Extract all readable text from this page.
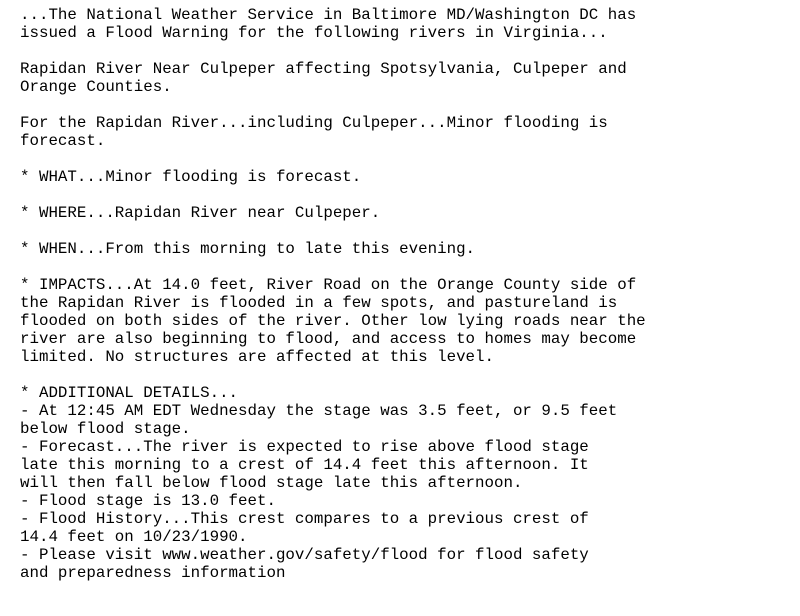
...The National Weather Service in Baltimore MD/Washington DC has
issued a Flood Warning for the following rivers in Virginia...
Rapidan River Near Culpeper affecting Spotsylvania, Culpeper and
Orange Counties.
For the Rapidan River...including Culpeper...Minor flooding is
forecast.
* WHAT...Minor flooding is forecast.
* WHERE...Rapidan River near Culpeper.
* WHEN...From this morning to late this evening.
* IMPACTS...At 14.0 feet, River Road on the Orange County side of
the Rapidan River is flooded in a few spots, and pastureland is
flooded on both sides of the river. Other low lying roads near the
river are also beginning to flood, and access to homes may become
limited. No structures are affected at this level.
* ADDITIONAL DETAILS...
- At 12:45 AM EDT Wednesday the stage was 3.5 feet, or 9.5 feet
below flood stage.
- Forecast...The river is expected to rise above flood stage
late this morning to a crest of 14.4 feet this afternoon. It
will then fall below flood stage late this afternoon.
- Flood stage is 13.0 feet.
- Flood History...This crest compares to a previous crest of
14.4 feet on 10/23/1990.
- Please visit www.weather.gov/safety/flood for flood safety
and preparedness information
